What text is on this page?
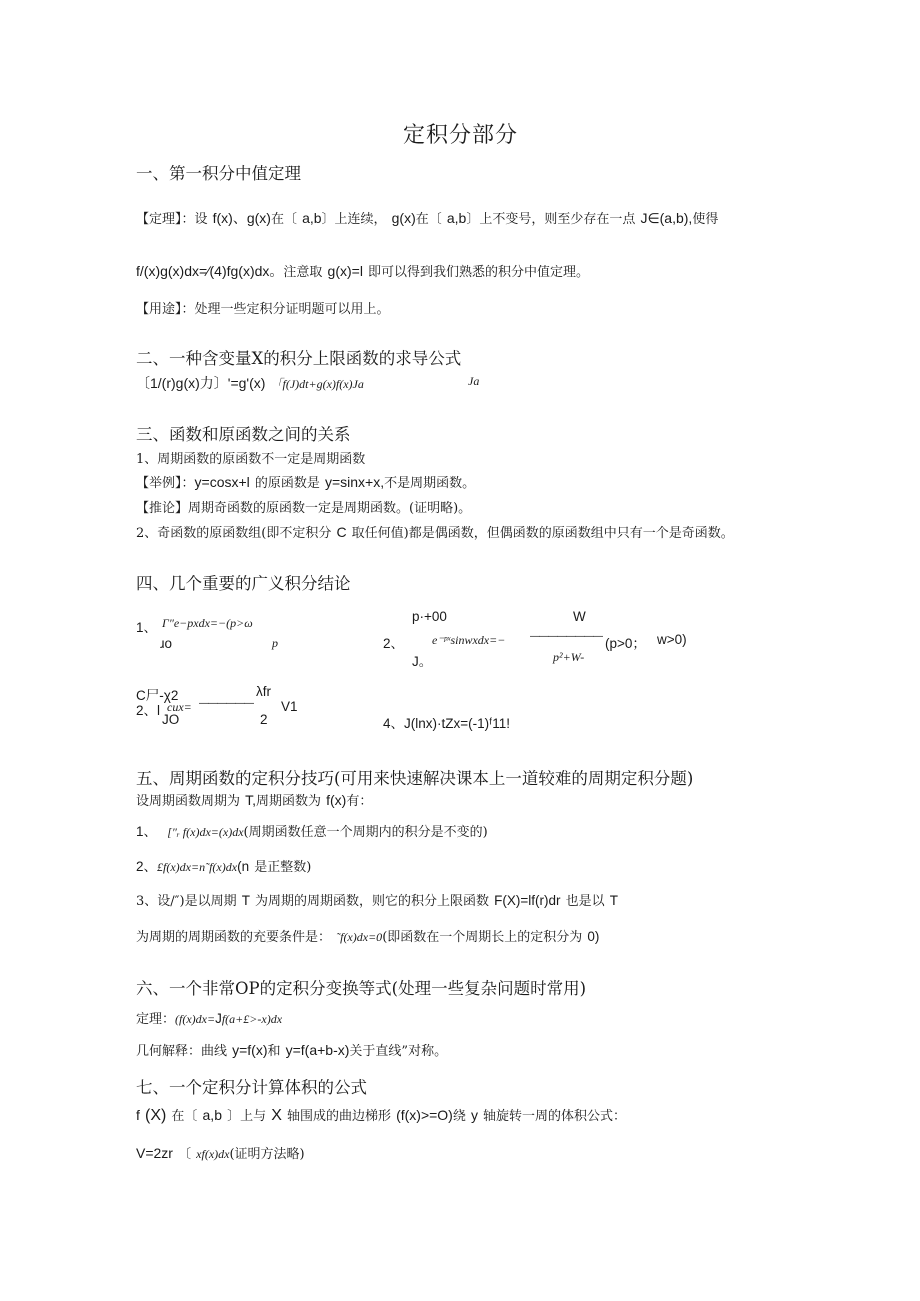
定积分部分
一、第一积分中值定理
【定理】：设 f(x)、g(x)在〔 a,b〕上连续， g(x)在〔 a,b〕上不变号，则至少存在一点 J∈(a,b),使得
f/(x)g(x)dx=∕(4)fg(x)dx。注意取 g(x)=l 即可以得到我们熟悉的积分中值定理。
【用途】：处理一些定积分证明题可以用上。
二、一种含变量X的积分上限函数的求导公式
〔1/(r)g(x)力〕'=g'(x) 「f(J)dt+g(x)f(x)Ja	Ja
三、函数和原函数之间的关系
1、周期函数的原函数不一定是周期函数
【举例】：y=cosx+l 的原函数是 y=sinx+x,不是周期函数。
【推论】周期奇函数的原函数一定是周期函数。(证明略)。
2、奇函数的原函数组(即不定积分 C 取任何值)都是偶函数，但偶函数的原函数组中只有一个是奇函数。
四、几个重要的广义积分结论
1、 Γ″e−pxdx=−(p>ω
ɹo	p
p·+00	W
2、 e⁻ᵖˣsinwxdx=− ———————— (p>0； w>0)
J。	p²+W-
C尸-χ2	λfr
2、l cux= —————— V1
JO	2	4、J(lnx)·tZx=(-1)ᶠ11!
五、周期函数的定积分技巧(可用来快速解决课本上一道较难的周期定积分题)
设周期函数周期为 T,周期函数为 f(x)有：
1、 [″ᵣ f(x)dx=(x)dx(周期函数任意一个周期内的积分是不变的)
2、£f(x)dx=n˜f(x)dx(n 是正整数)
3、设/″)是以周期 T 为周期的周期函数，则它的积分上限函数 F(X)=lf(r)dr 也是以 T
为周期的周期函数的充要条件是： ˜f(x)dx=0(即函数在一个周期长上的定积分为 0)
六、一个非常OP的定积分变换等式(处理一些复杂问题时常用)
定理：(f(x)dx=Jf(a+£>-x)dx
几何解释：曲线 y=f(x)和 y=f(a+b-x)关于直线”对称。
七、一个定积分计算体积的公式
f (X) 在〔 a,b 〕上与 X 轴围成的曲边梯形 (f(x)>=O)绕 y 轴旋转一周的体积公式：
V=2zr 〔 xf(x)dx(证明方法略)
